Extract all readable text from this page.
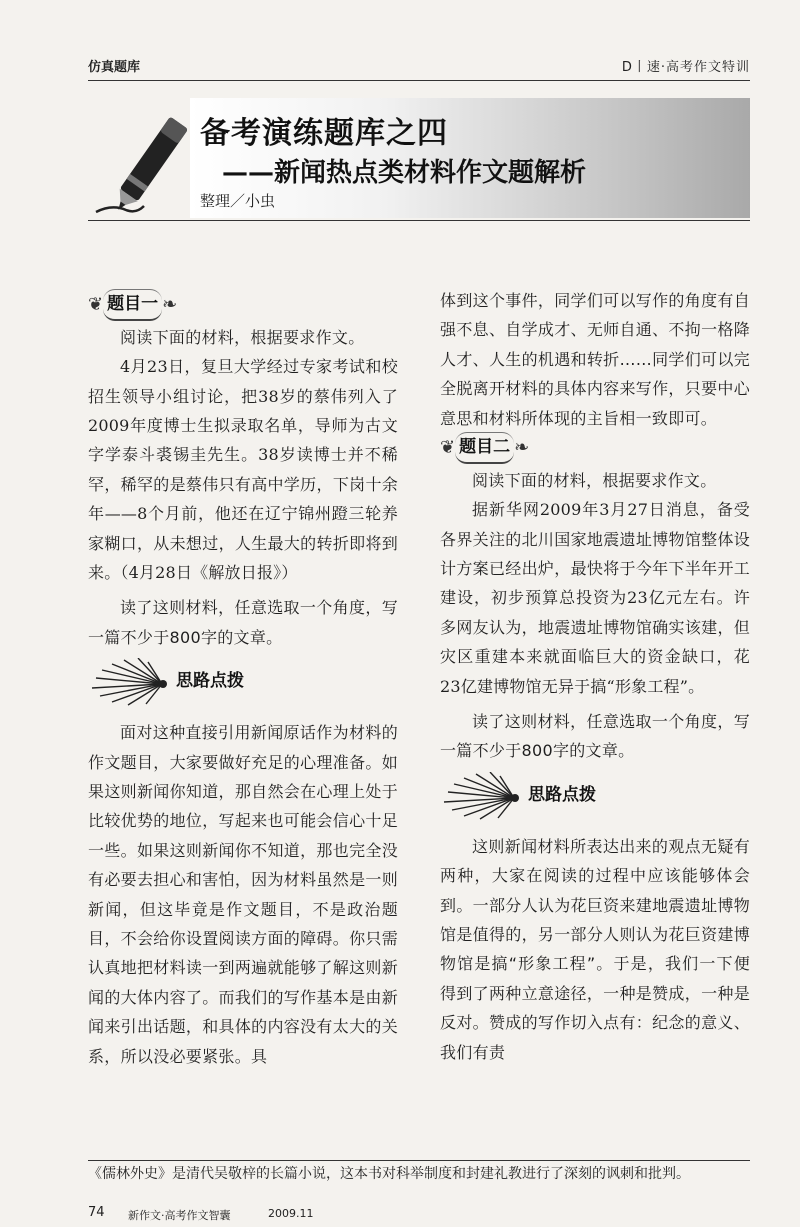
仿真题库	D丨速·高考作文特训
备考演练题库之四
——新闻热点类材料作文题解析
整理／小虫
❦ 题目一 ❧

阅读下面的材料，根据要求作文。

4月23日，复旦大学经过专家考试和校招生领导小组讨论，把38岁的蔡伟列入了2009年度博士生拟录取名单，导师为古文字学泰斗裘锡圭先生。38岁读博士并不稀罕，稀罕的是蔡伟只有高中学历，下岗十余年——8个月前，他还在辽宁锦州蹬三轮养家糊口，从未想过，人生最大的转折即将到来。（4月28日《解放日报》）

读了这则材料，任意选取一个角度，写一篇不少于800字的文章。

思路点拨

面对这种直接引用新闻原话作为材料的作文题目，大家要做好充足的心理准备。如果这则新闻你知道，那自然会在心理上处于比较优势的地位，写起来也可能会信心十足一些。如果这则新闻你不知道，那也完全没有必要去担心和害怕，因为材料虽然是一则新闻，但这毕竟是作文题目，不是政治题目，不会给你设置阅读方面的障碍。你只需认真地把材料读一到两遍就能够了解这则新闻的大体内容了。而我们的写作基本是由新闻来引出话题，和具体的内容没有太大的关系，所以没必要紧张。具

体到这个事件，同学们可以写作的角度有自强不息、自学成才、无师自通、不拘一格降人才、人生的机遇和转折……同学们可以完全脱离开材料的具体内容来写作，只要中心意思和材料所体现的主旨相一致即可。

❦ 题目二 ❧

阅读下面的材料，根据要求作文。

据新华网2009年3月27日消息，备受各界关注的北川国家地震遗址博物馆整体设计方案已经出炉，最快将于今年下半年开工建设，初步预算总投资为23亿元左右。许多网友认为，地震遗址博物馆确实该建，但灾区重建本来就面临巨大的资金缺口，花23亿建博物馆无异于搞“形象工程”。

读了这则材料，任意选取一个角度，写一篇不少于800字的文章。

思路点拨

这则新闻材料所表达出来的观点无疑有两种，大家在阅读的过程中应该能够体会到。一部分人认为花巨资来建地震遗址博物馆是值得的，另一部分人则认为花巨资建博物馆是搞“形象工程”。于是，我们一下便得到了两种立意途径，一种是赞成，一种是反对。赞成的写作切入点有：纪念的意义、我们有责

《儒林外史》是清代吴敬梓的长篇小说，这本书对科举制度和封建礼教进行了深刻的讽刺和批判。
74 新作文·高考作文智囊	2009.11
